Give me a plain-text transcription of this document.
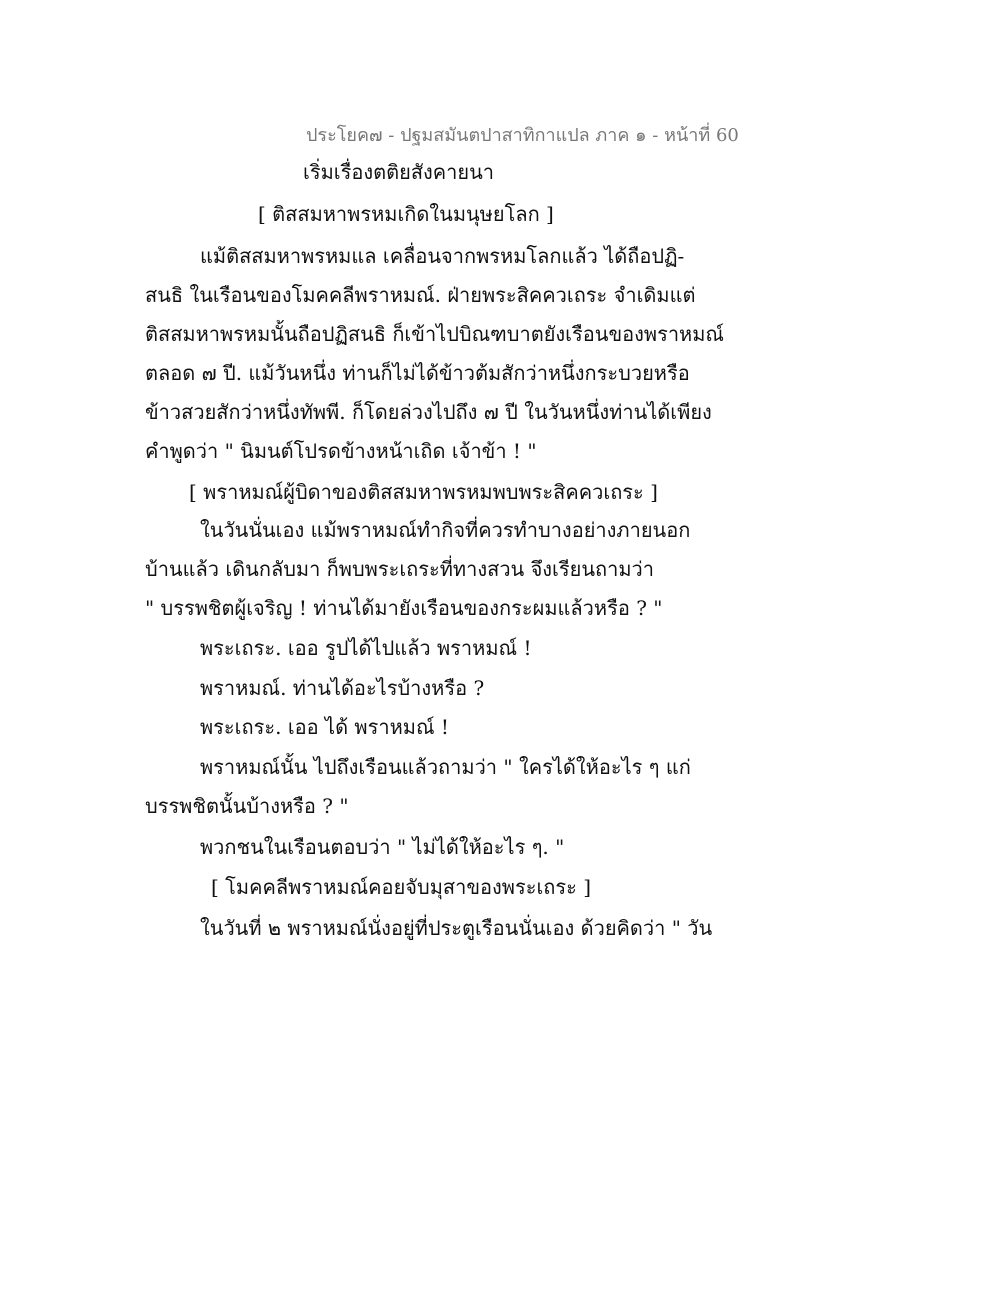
ประโยค๗ - ปฐมสมันตปาสาทิกาแปล ภาค ๑ - หน้าที่ 60
เริ่มเรื่องตติยสังคายนา
[ ติสสมหาพรหมเกิดในมนุษยโลก ]
แม้ติสสมหาพรหมแล เคลื่อนจากพรหมโลกแล้ว ได้ถือปฏิ-
สนธิ ในเรือนของโมคคลีพราหมณ์. ฝ่ายพระสิคควเถระ จำเดิมแต่
ติสสมหาพรหมนั้นถือปฏิสนธิ ก็เข้าไปบิณฑบาตยังเรือนของพราหมณ์
ตลอด ๗ ปี. แม้วันหนึ่ง ท่านก็ไม่ได้ข้าวต้มสักว่าหนึ่งกระบวยหรือ
ข้าวสวยสักว่าหนึ่งทัพพี. ก็โดยล่วงไปถึง ๗ ปี ในวันหนึ่งท่านได้เพียง
คำพูดว่า " นิมนต์โปรดข้างหน้าเถิด เจ้าข้า ! "
[ พราหมณ์ผู้บิดาของติสสมหาพรหมพบพระสิคควเถระ ]
ในวันนั่นเอง แม้พราหมณ์ทำกิจที่ควรทำบางอย่างภายนอก
บ้านแล้ว เดินกลับมา ก็พบพระเถระที่ทางสวน จึงเรียนถามว่า
" บรรพชิตผู้เจริญ ! ท่านได้มายังเรือนของกระผมแล้วหรือ ? "
พระเถระ. เออ รูปได้ไปแล้ว พราหมณ์ !
พราหมณ์. ท่านได้อะไรบ้างหรือ ?
พระเถระ. เออ ได้ พราหมณ์ !
พราหมณ์นั้น ไปถึงเรือนแล้วถามว่า " ใครได้ให้อะไร ๆ แก่
บรรพชิตนั้นบ้างหรือ ? "
พวกชนในเรือนตอบว่า " ไม่ได้ให้อะไร ๆ. "
[ โมคคลีพราหมณ์คอยจับมุสาของพระเถระ ]
ในวันที่ ๒ พราหมณ์นั่งอยู่ที่ประตูเรือนนั่นเอง ด้วยคิดว่า " วัน
